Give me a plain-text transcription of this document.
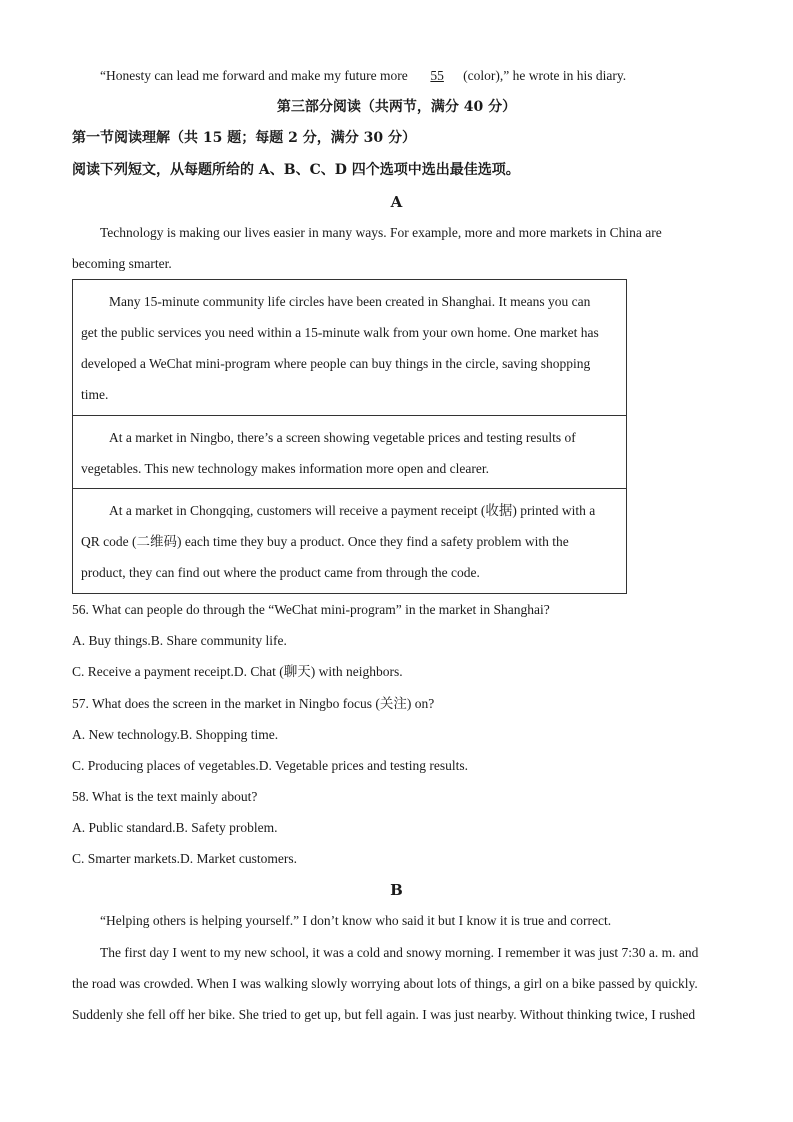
“Honesty can lead me forward and make my future more 55 (color),” he wrote in his diary.
第三部分阅读（共两节，满分 40 分）
第一节阅读理解（共 15 题；每题 2 分，满分 30 分）
阅读下列短文，从每题所给的 A、B、C、D 四个选项中选出最佳选项。
A
Technology is making our lives easier in many ways. For example, more and more markets in China are
becoming smarter.
Many 15-minute community life circles have been created in Shanghai. It means you can
get the public services you need within a 15-minute walk from your own home. One market has
developed a WeChat mini-program where people can buy things in the circle, saving shopping
time.
At a market in Ningbo, there’s a screen showing vegetable prices and testing results of
vegetables. This new technology makes information more open and clearer.
At a market in Chongqing, customers will receive a payment receipt (收据) printed with a
QR code (二维码) each time they buy a product. Once they find a safety problem with the
product, they can find out where the product came from through the code.
56. What can people do through the “WeChat mini-program” in the market in Shanghai?
A. Buy things.B. Share community life.
C. Receive a payment receipt.D. Chat (聊天) with neighbors.
57. What does the screen in the market in Ningbo focus (关注) on?
A. New technology.B. Shopping time.
C. Producing places of vegetables.D. Vegetable prices and testing results.
58. What is the text mainly about?
A. Public standard.B. Safety problem.
C. Smarter markets.D. Market customers.
B
“Helping others is helping yourself.” I don’t know who said it but I know it is true and correct.
The first day I went to my new school, it was a cold and snowy morning. I remember it was just 7:30 a. m. and
the road was crowded. When I was walking slowly worrying about lots of things, a girl on a bike passed by quickly.
Suddenly she fell off her bike. She tried to get up, but fell again. I was just nearby. Without thinking twice, I rushed
